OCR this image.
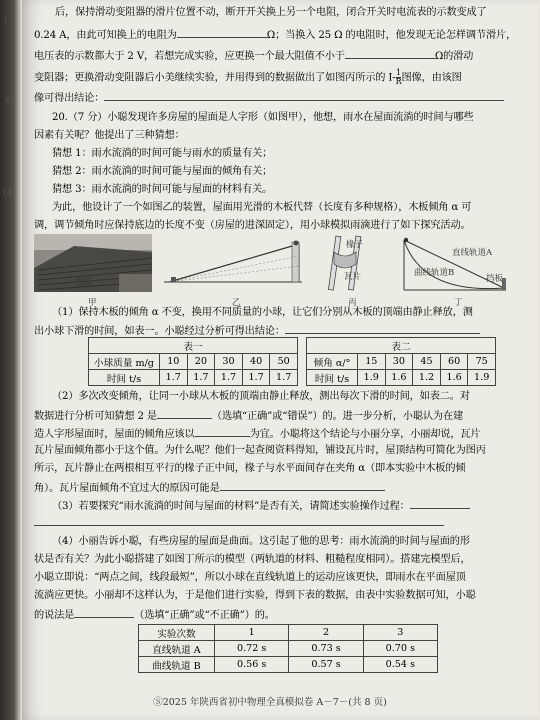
(
r
(4
后，保持滑动变阻器的滑片位置不动，断开开关换上另一个电阻，闭合开关时电流表的示数变成了
0.24 A，由此可知换上的电阻为	Ω；当换入 25 Ω 的电阻时，他发现无论怎样调节滑片，
电压表的示数都大于 2 V，若想完成实验，应更换一个最大阻值不小于	Ω的滑动
变阻器；更换滑动变阻器后小美继续实验，并用得到的数据做出了如图丙所示的 $I- \frac{1}{R}$ 图像，由该图
像可得出结论：
20.（7 分）小聪发现许多房屋的屋面是人字形（如图甲），他想，雨水在屋面流淌的时间与哪些
因素有关呢？他提出了三种猜想：
猜想 1：雨水流淌的时间可能与雨水的质量有关；
猜想 2：雨水流淌的时间可能与屋面的倾角有关；
猜想 3：雨水流淌的时间可能与屋面的材料有关。
为此，他设计了一个如图乙的装置，屋面用光滑的木板代替（长度有多种规格），木板倾角 α 可
调，调节倾角时应保持底边的长度不变（房屋的进深固定），用小球模拟雨滴进行了如下探究活动。
挡板
椽子
瓦片
直线轨道A
曲线轨道B
挡板
甲	乙	丙	丁
（1）保持木板的倾角 α 不变，换用不同质量的小球，让它们分别从木板的顶端由静止释放，测
出小球下滑的时间，如表一。小聪经过分析可得出结论：
表一					
小球质量 m/g	10	20	30	40	50
时间 t/s	1.7	1.7	1.7	1.7	1.7
表二					
倾角 α/°	15	30	45	60	75
时间 t/s	1.9	1.6	1.2	1.6	1.9
（2）多次改变倾角，让同一小球从木板的顶端由静止释放，测出每次下滑的时间，如表二。对
数据进行分析可知猜想 2 是	（选填“正确”或“错误”）的。进一步分析，小聪认为在建
造人字形屋面时，屋面的倾角应该以	为宜。小聪将这个结论与小丽分享，小丽却说，瓦片
瓦片屋面倾角都小于这个值。为什么呢？他们一起查阅资料得知，铺设瓦片时，屋顶结构可简化为图丙
所示，瓦片静止在两根相互平行的椽子正中间，椽子与水平面间存在夹角 α（即本实验中木板的倾
角）。瓦片屋面倾角不宜过大的原因可能是
（3）若要探究“雨水流淌的时间与屋面的材料”是否有关，请简述实验操作过程：
（4）小丽告诉小聪，有些房屋的屋面是曲面。这引起了他的思考：雨水流淌的时间与屋面的形
状是否有关？为此小聪搭建了如图丁所示的模型（两轨道的材料、粗糙程度相同）。搭建完模型后，
小聪立即说：“两点之间，线段最短”，所以小球在直线轨道上的运动应该更快，即雨水在平面屋顶
流淌应更快。小丽却不这样认为，于是他们进行实验，得到下表的数据，由表中实验数据可知，小聪
的说法是	（选填“正确”或“不正确”）的。
实验次数	1	2	3
直线轨道 A	0.72 s	0.73 s	0.70 s
曲线轨道 B	0.56 s	0.57 s	0.54 s
Ⓢ2025 年陕西省初中物理全真模拟卷 A－7－(共 8 页)
